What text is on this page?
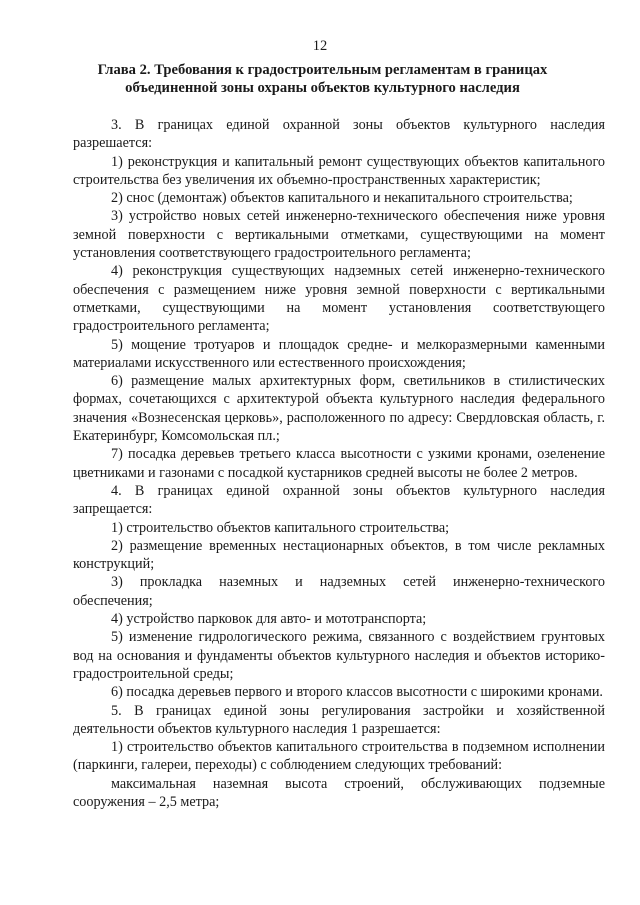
12
Глава 2. Требования к градостроительным регламентам в границах объединенной зоны охраны объектов культурного наследия

3. В границах единой охранной зоны объектов культурного наследия разрешается:

1) реконструкция и капитальный ремонт существующих объектов капитального строительства без увеличения их объемно-пространственных характеристик;

2) снос (демонтаж) объектов капитального и некапитального строительства;

3) устройство новых сетей инженерно-технического обеспечения ниже уровня земной поверхности с вертикальными отметками, существующими на момент установления соответствующего градостроительного регламента;

4) реконструкция существующих надземных сетей инженерно-технического обеспечения с размещением ниже уровня земной поверхности с вертикальными отметками, существующими на момент установления соответствующего градостроительного регламента;

5) мощение тротуаров и площадок средне- и мелкоразмерными каменными материалами искусственного или естественного происхождения;

6) размещение малых архитектурных форм, светильников в стилистических формах, сочетающихся с архитектурой объекта культурного наследия федерального значения «Вознесенская церковь», расположенного по адресу: Свердловская область, г. Екатеринбург, Комсомольская пл.;

7) посадка деревьев третьего класса высотности с узкими кронами, озеленение цветниками и газонами с посадкой кустарников средней высоты не более 2 метров.

4. В границах единой охранной зоны объектов культурного наследия запрещается:

1) строительство объектов капитального строительства;

2) размещение временных нестационарных объектов, в том числе рекламных конструкций;

3) прокладка наземных и надземных сетей инженерно-технического обеспечения;

4) устройство парковок для авто- и мототранспорта;

5) изменение гидрологического режима, связанного с воздействием грунтовых вод на основания и фундаменты объектов культурного наследия и объектов историко-градостроительной среды;

6) посадка деревьев первого и второго классов высотности с широкими кронами.

5. В границах единой зоны регулирования застройки и хозяйственной деятельности объектов культурного наследия 1 разрешается:

1) строительство объектов капитального строительства в подземном исполнении (паркинги, галереи, переходы) с соблюдением следующих требований:

максимальная наземная высота строений, обслуживающих подземные сооружения – 2,5 метра;
